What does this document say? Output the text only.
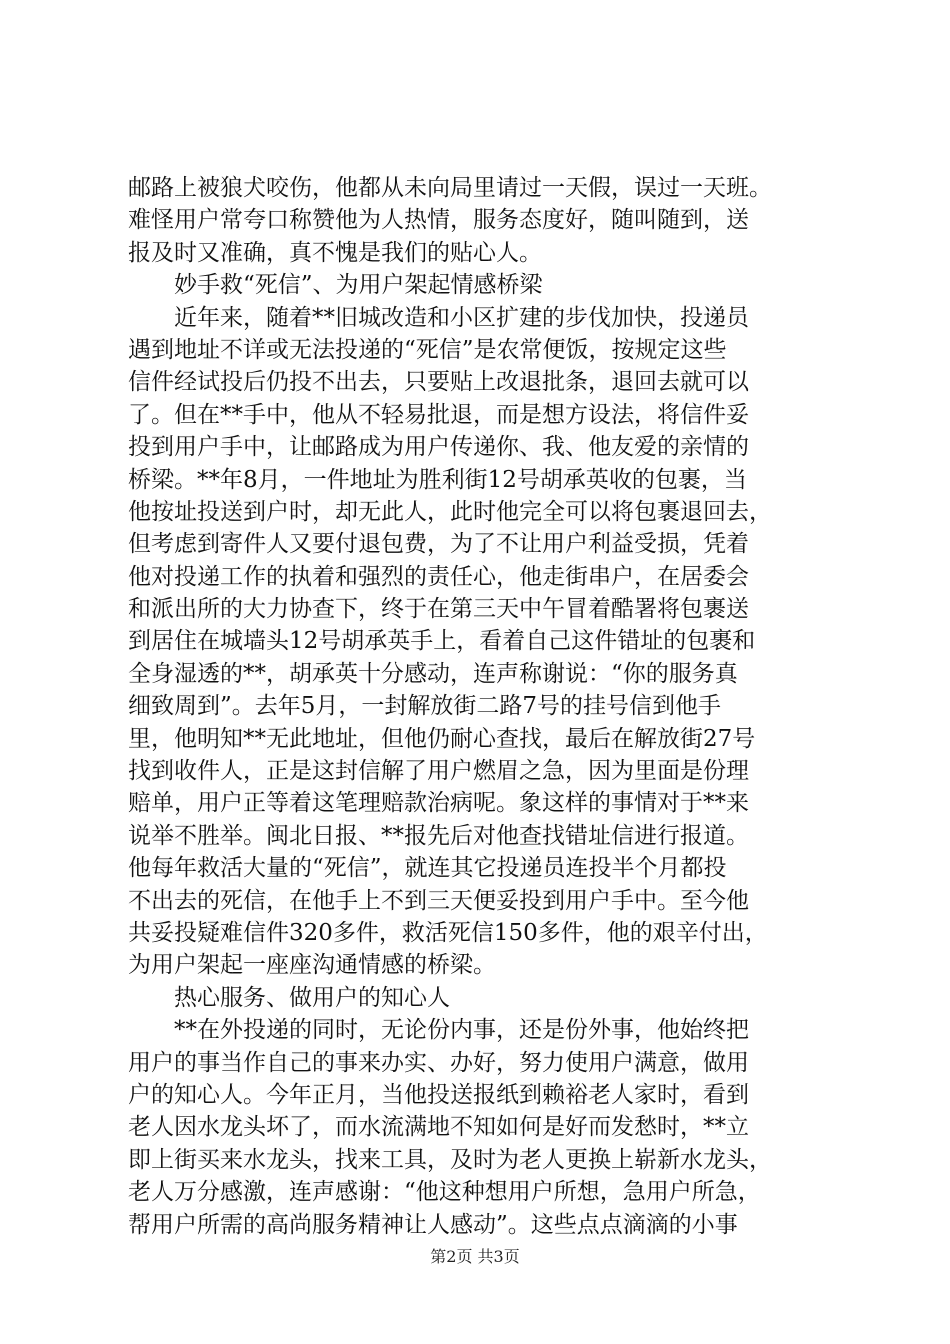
邮路上被狼犬咬伤，他都从未向局里请过一天假，误过一天班。
难怪用户常夸口称赞他为人热情，服务态度好，随叫随到，送
报及时又准确，真不愧是我们的贴心人。
　　妙手救“死信”、为用户架起情感桥梁
　　近年来，随着**旧城改造和小区扩建的步伐加快，投递员
遇到地址不详或无法投递的“死信”是农常便饭，按规定这些
信件经试投后仍投不出去，只要贴上改退批条，退回去就可以
了。但在**手中，他从不轻易批退，而是想方设法，将信件妥
投到用户手中，让邮路成为用户传递你、我、他友爱的亲情的
桥梁。**年8月，一件地址为胜利街12号胡承英收的包裹，当
他按址投送到户时，却无此人，此时他完全可以将包裹退回去，
但考虑到寄件人又要付退包费，为了不让用户利益受损，凭着
他对投递工作的执着和强烈的责任心，他走街串户，在居委会
和派出所的大力协查下，终于在第三天中午冒着酷署将包裹送
到居住在城墙头12号胡承英手上，看着自己这件错址的包裹和
全身湿透的**，胡承英十分感动，连声称谢说：“你的服务真
细致周到”。去年5月，一封解放街二路7号的挂号信到他手
里，他明知**无此地址，但他仍耐心查找，最后在解放街27号
找到收件人，正是这封信解了用户燃眉之急，因为里面是份理
赔单，用户正等着这笔理赔款治病呢。象这样的事情对于**来
说举不胜举。闽北日报、**报先后对他查找错址信进行报道。
他每年救活大量的“死信”，就连其它投递员连投半个月都投
不出去的死信，在他手上不到三天便妥投到用户手中。至今他
共妥投疑难信件320多件，救活死信150多件，他的艰辛付出，
为用户架起一座座沟通情感的桥梁。
　　热心服务、做用户的知心人
　　**在外投递的同时，无论份内事，还是份外事，他始终把
用户的事当作自己的事来办实、办好，努力使用户满意，做用
户的知心人。今年正月，当他投送报纸到赖裕老人家时，看到
老人因水龙头坏了，而水流满地不知如何是好而发愁时，**立
即上街买来水龙头，找来工具，及时为老人更换上崭新水龙头，
老人万分感激，连声感谢：“他这种想用户所想，急用户所急，
帮用户所需的高尚服务精神让人感动”。这些点点滴滴的小事
第2页 共3页
